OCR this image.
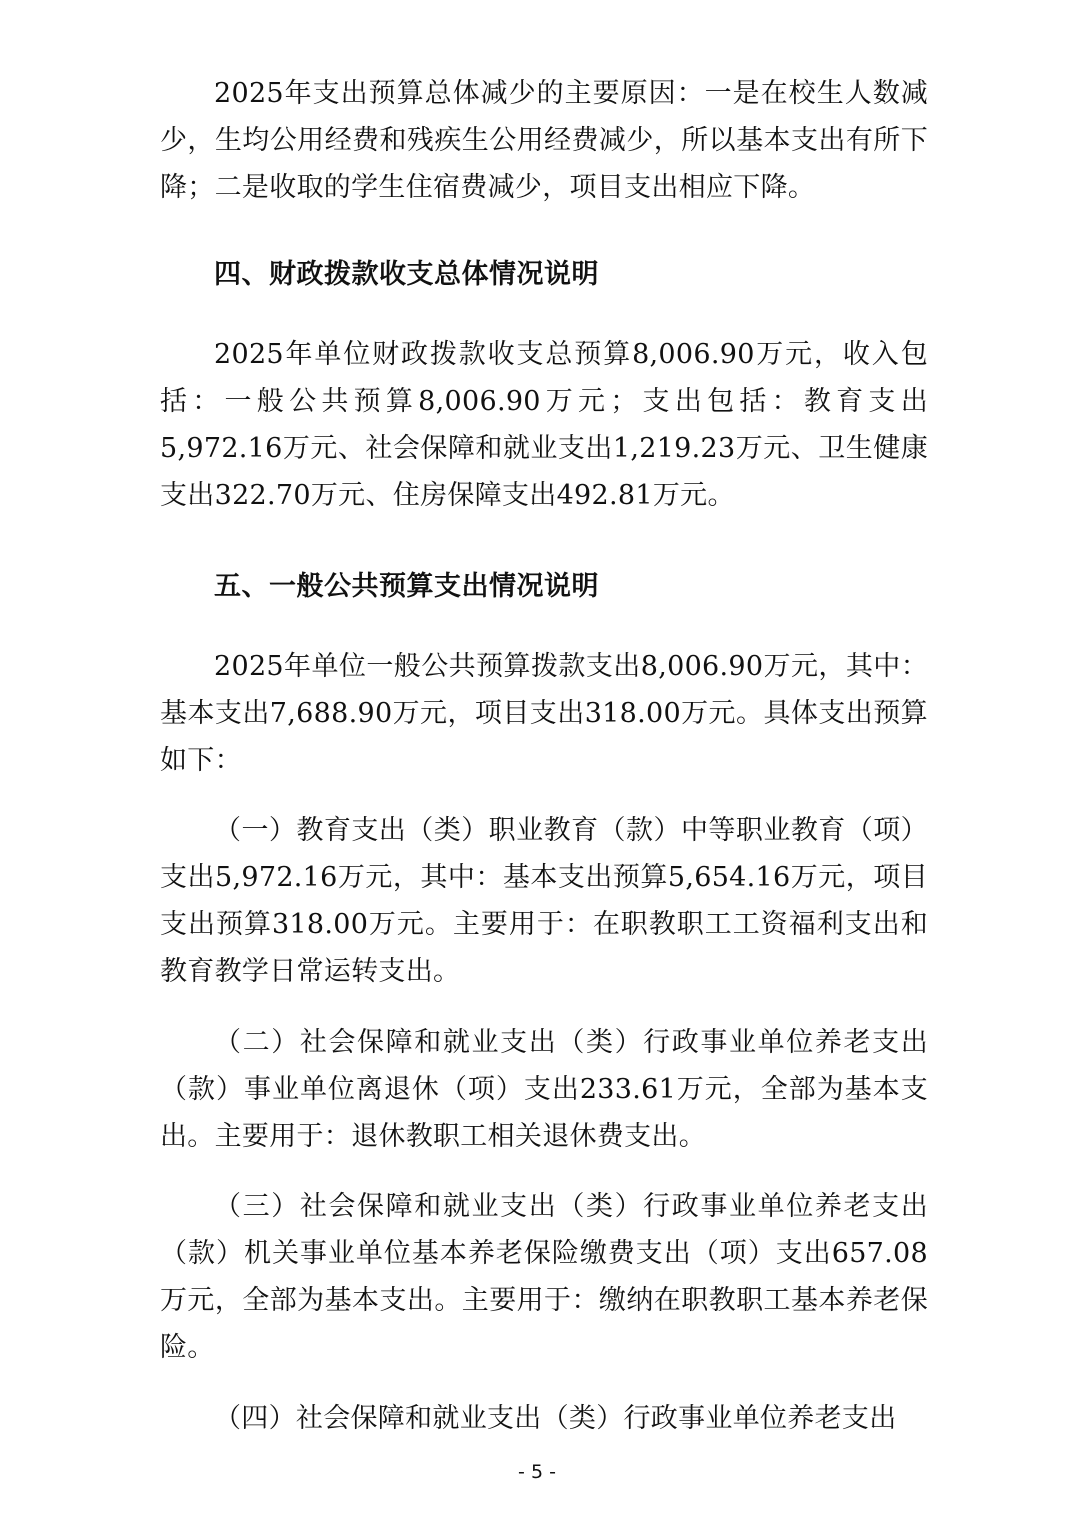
2025年支出预算总体减少的主要原因：一是在校生人数减少，生均公用经费和残疾生公用经费减少，所以基本支出有所下降；二是收取的学生住宿费减少，项目支出相应下降。

四、财政拨款收支总体情况说明

2025年单位财政拨款收支总预算8,006.90万元，收入包括：一般公共预算8,006.90万元；支出包括：教育支出5,972.16万元、社会保障和就业支出1,219.23万元、卫生健康支出322.70万元、住房保障支出492.81万元。

五、一般公共预算支出情况说明

2025年单位一般公共预算拨款支出8,006.90万元，其中：基本支出7,688.90万元，项目支出318.00万元。具体支出预算如下：

（一）教育支出（类）职业教育（款）中等职业教育（项）支出5,972.16万元，其中：基本支出预算5,654.16万元，项目支出预算318.00万元。主要用于：在职教职工工资福利支出和教育教学日常运转支出。

（二）社会保障和就业支出（类）行政事业单位养老支出（款）事业单位离退休（项）支出233.61万元，全部为基本支出。主要用于：退休教职工相关退休费支出。

（三）社会保障和就业支出（类）行政事业单位养老支出（款）机关事业单位基本养老保险缴费支出（项）支出657.08万元，全部为基本支出。主要用于：缴纳在职教职工基本养老保险。

（四）社会保障和就业支出（类）行政事业单位养老支出

- 5 -
